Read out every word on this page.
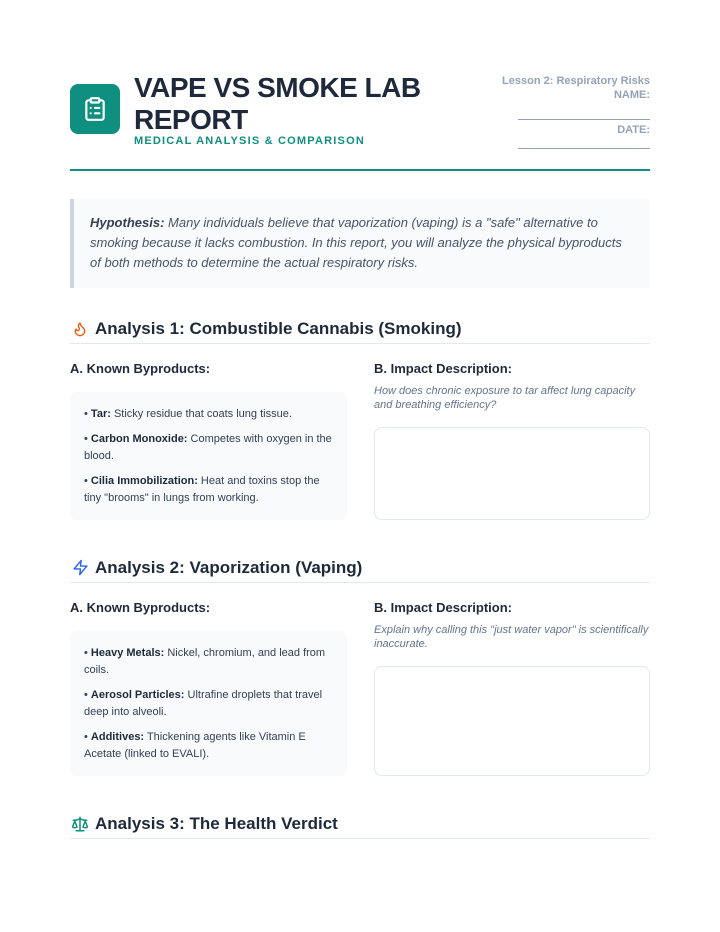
VAPE VS SMOKE LAB REPORT
MEDICAL ANALYSIS & COMPARISON
Lesson 2: Respiratory Risks
NAME:
DATE:
Hypothesis: Many individuals believe that vaporization (vaping) is a "safe" alternative to smoking because it lacks combustion. In this report, you will analyze the physical byproducts of both methods to determine the actual respiratory risks.
Analysis 1: Combustible Cannabis (Smoking)
A. Known Byproducts:	B. Impact Description:
How does chronic exposure to tar affect lung capacity and breathing efficiency?
• Tar: Sticky residue that coats lung tissue.
• Carbon Monoxide: Competes with oxygen in the blood.
• Cilia Immobilization: Heat and toxins stop the tiny "brooms" in lungs from working.
Analysis 2: Vaporization (Vaping)
A. Known Byproducts:	B. Impact Description:
Explain why calling this "just water vapor" is scientifically inaccurate.
• Heavy Metals: Nickel, chromium, and lead from coils.
• Aerosol Particles: Ultrafine droplets that travel deep into alveoli.
• Additives: Thickening agents like Vitamin E Acetate (linked to EVALI).
Analysis 3: The Health Verdict
